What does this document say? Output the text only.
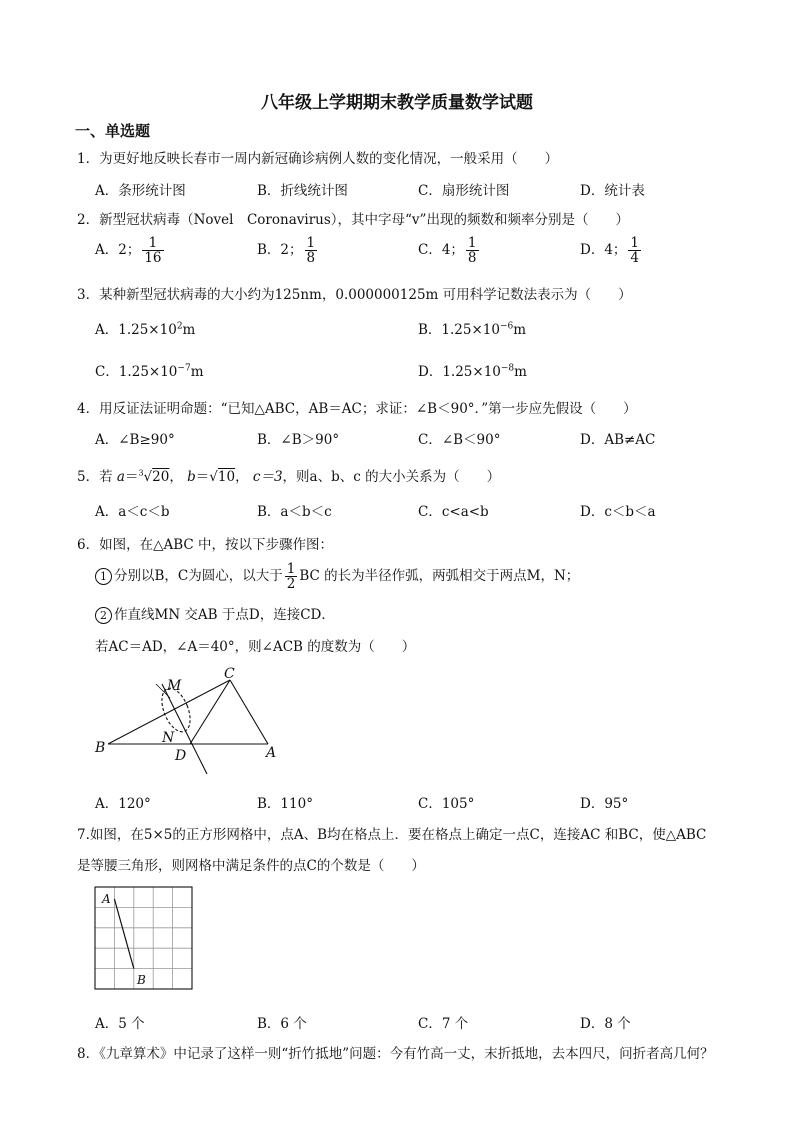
八年级上学期期末教学质量数学试题
一、单选题
1．为更好地反映长春市一周内新冠确诊病例人数的变化情况，一般采用（　　）
A．条形统计图	B．折线统计图	C．扇形统计图	D．统计表
2．新型冠状病毒（Novel　Coronavirus），其中字母“v”出现的频数和频率分别是（　　）
A．2； $\frac{1}{16}$	B．2； $\frac{1}{8}$	C．4； $\frac{1}{8}$	D．4； $\frac{1}{4}$
3．某种新型冠状病毒的大小约为125nm，0.000000125m 可用科学记数法表示为（　　）
A．$1.25\times 10^2m$	B．$1.25\times 10^{-6}m$
C．$1.25\times 10^{-7}m$	D．$1.25\times 10^{-8}m$
4．用反证法证明命题：“已知△ABC，AB＝AC；求证：∠B＜90°．”第一步应先假设（　　）
A．∠B≥90°	B．∠B＞90°	C．∠B＜90°	D．AB≠AC
5．若 a＝$^3$√20， b＝√10， c＝3，则a、b、c 的大小关系为（　　）
A．a＜c＜b	B．a＜b＜c	C．c<a<b	D．c＜b＜a
6．如图，在△ABC 中，按以下步骤作图：
1 分别以B，C为圆心，以大于 $\frac{1}{2}$ BC 的长为半径作弧，两弧相交于两点M，N；
2 作直线MN 交AB 于点D，连接CD．
若AC＝AD，∠A＝40°，则∠ACB 的度数为（　　）
M
C
N
B	D	A
A．120°	B．110°	C．105°	D．95°
7.如图，在5×5的正方形网格中，点A、B均在格点上．要在格点上确定一点C，连接AC 和BC，使△ABC
是等腰三角形，则网格中满足条件的点C的个数是（　　）
A
B
A．5 个	B．6 个	C．7 个	D．8 个
8．《九章算术》中记录了这样一则“折竹抵地”问题：今有竹高一丈，末折抵地，去本四尺，问折者高几何？
